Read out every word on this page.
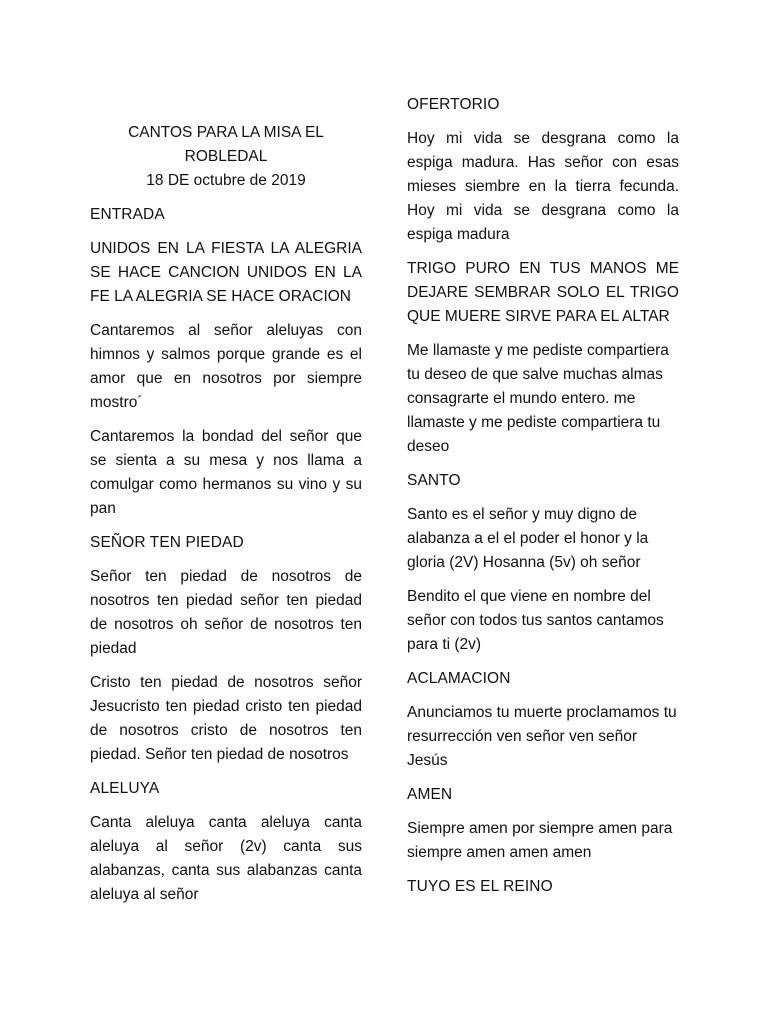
CANTOS PARA LA MISA EL ROBLEDAL
18 DE octubre de 2019

ENTRADA

UNIDOS EN LA FIESTA LA ALEGRIA SE HACE CANCION UNIDOS EN LA FE LA ALEGRIA SE HACE ORACION

Cantaremos al señor aleluyas con himnos y salmos porque grande es el amor que en nosotros por siempre mostro´

Cantaremos la bondad del señor que se sienta a su mesa y nos llama a comulgar como hermanos su vino y su pan

SEÑOR TEN PIEDAD

Señor ten piedad de nosotros de nosotros ten piedad señor ten piedad de nosotros oh señor de nosotros ten piedad

Cristo ten piedad de nosotros señor Jesucristo ten piedad cristo ten piedad de nosotros cristo de nosotros ten piedad. Señor ten piedad de nosotros

ALELUYA

Canta aleluya canta aleluya canta aleluya al señor (2v) canta sus alabanzas, canta sus alabanzas canta aleluya al señor

OFERTORIO

Hoy mi vida se desgrana como la espiga madura. Has señor con esas mieses siembre en la tierra fecunda. Hoy mi vida se desgrana como la espiga madura

TRIGO PURO EN TUS MANOS ME DEJARE SEMBRAR SOLO EL TRIGO QUE MUERE SIRVE PARA EL ALTAR

Me llamaste y me pediste compartiera tu deseo de que salve muchas almas consagrarte el mundo entero. me llamaste y me pediste compartiera tu deseo

SANTO

Santo es el señor y muy digno de alabanza a el el poder el honor y la gloria (2V) Hosanna (5v) oh señor

Bendito el que viene en nombre del señor con todos tus santos cantamos para ti (2v)

ACLAMACION

Anunciamos tu muerte proclamamos tu resurrección ven señor ven señor Jesús

AMEN

Siempre amen por siempre amen para siempre amen amen amen

TUYO ES EL REINO
